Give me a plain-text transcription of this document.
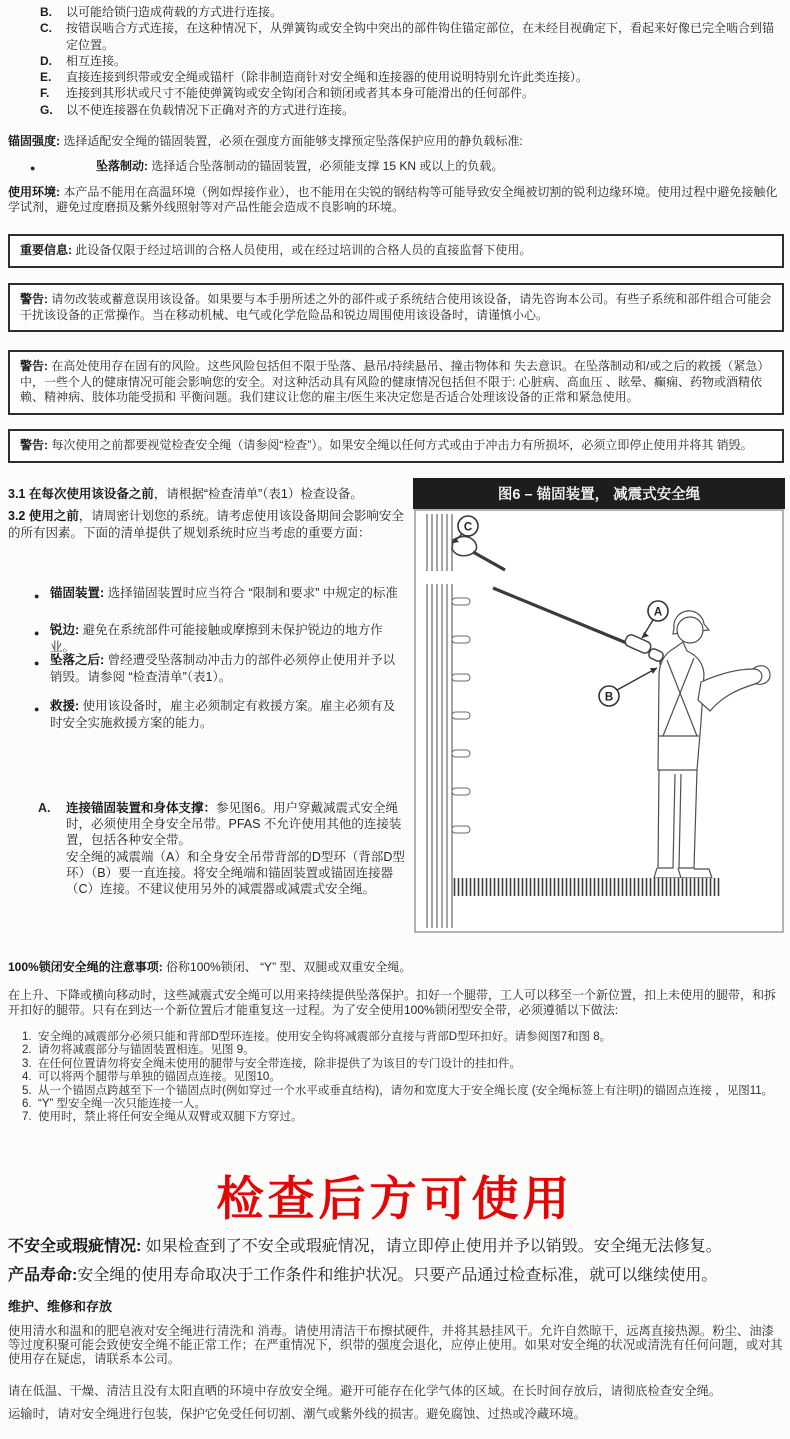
B.	以可能给锁闩造成荷载的方式进行连接。
C.	按错误啮合方式连接，在这种情况下，从弹簧钩或安全钩中突出的部件钩住锚定部位，在未经目视确定下，看起来好像已完全啮合到锚定位置。
D.	相互连接。
E.	直接连接到织带或安全绳或锚杆（除非制造商针对安全绳和连接器的使用说明特别允许此类连接）。
F.	连接到其形状或尺寸不能使弹簧钩或安全钩闭合和锁闭或者其本身可能滑出的任何部件。
G.	以不使连接器在负载情况下正确对齐的方式进行连接。
锚固强度: 选择适配安全绳的锚固装置，必须在强度方面能够支撑预定坠落保护应用的静负载标准:
●	坠落制动: 选择适合坠落制动的锚固装置，必须能支撑 15 KN 或以上的负载。
使用环境: 本产品不能用在高温环境（例如焊接作业），也不能用在尖锐的钢结构等可能导致安全绳被切割的锐利边缘环境。使用过程中避免接触化学试剂，避免过度磨损及紫外线照射等对产品性能会造成不良影响的环境。
重要信息: 此设备仅限于经过培训的合格人员使用，或在经过培训的合格人员的直接监督下使用。
警告: 请勿改装或蓄意误用该设备。如果要与本手册所述之外的部件或子系统结合使用该设备，请先咨询本公司。有些子系统和部件组合可能会干扰该设备的正常操作。当在移动机械、电气或化学危险品和锐边周围使用该设备时，请谨慎小心。
警告: 在高处使用存在固有的风险。这些风险包括但不限于坠落、悬吊/持续悬吊、撞击物体和 失去意识。在坠落制动和/或之后的救援（紧急）中，一些个人的健康情况可能会影响您的安全。对这种活动具有风险的健康情况包括但不限于: 心脏病、高血压 、眩晕、癫痫、药物或酒精依赖、精神病、肢体功能受损和 平衡问题。我们建议让您的雇主/医生来决定您是否适合处理该设备的正常和紧急使用。
警告: 每次使用之前都要视觉检查安全绳（请参阅“检查”）。如果安全绳以任何方式或由于冲击力有所损坏，必须立即停止使用并将其 销毁。
3.1 在每次使用该设备之前，请根据“检查清单”（表1）检查设备。
3.2 使用之前，请周密计划您的系统。请考虑使用该设备期间会影响安全的所有因素。下面的清单提供了规划系统时应当考虑的重要方面：
● 锚固装置: 选择锚固装置时应当符合 “限制和要求” 中规定的标准
● 锐边: 避免在系统部件可能接触或摩擦到未保护锐边的地方作业。
● 坠落之后: 曾经遭受坠落制动冲击力的部件必须停止使用并予以销毁。请参阅 “检查清单”（表1）。
● 救援: 使用该设备时，雇主必须制定有救援方案。雇主必须有及时安全实施救援方案的能力。
A.	连接锚固装置和身体支撑：参见图6。用户穿戴减震式安全绳时，必须使用全身安全吊带。PFAS 不允许使用其他的连接装置，包括各种安全带。
安全绳的减震端（A）和全身安全吊带背部的D型环（背部D型环）（B）要一直连接。将安全绳端和锚固装置或锚固连接器（C）连接。不建议使用另外的减震器或减震式安全绳。
图6 – 锚固装置， 减震式安全绳
C
A
B
100%锁闭安全绳的注意事项: 俗称100%锁闭、 “Y” 型、双腿或双重安全绳。
在上升、下降或横向移动时，这些减震式安全绳可以用来持续提供坠落保护。扣好一个腿带，工人可以移至一个新位置，扣上未使用的腿带，和拆开扣好的腿带。只有在到达一个新位置后才能重复这一过程。为了安全使用100%锁闭型安全带，必须遵循以下做法:
1. 安全绳的减震部分必须只能和背部D型环连接。使用安全钩将减震部分直接与背部D型环扣好。请参阅图7和图 8。
2. 请勿将减震部分与锚固装置相连。见图 9。
3. 在任何位置请勿将安全绳未使用的腿带与安全带连接，除非提供了为该目的专门设计的挂扣件。
4. 可以将两个腿带与单独的锚固点连接。见图10。
5. 从一个锚固点跨越至下一个锚固点时(例如穿过一个水平或垂直结构)，请勿和宽度大于安全绳长度 (安全绳标签上有注明)的锚固点连接 ，见图11。
6. “Y” 型安全绳一次只能连接一人。
7. 使用时，禁止将任何安全绳从双臂或双腿下方穿过。
检查后方可使用
不安全或瑕疵情况: 如果检查到了不安全或瑕疵情况，请立即停止使用并予以销毁。安全绳无法修复。
产品寿命:安全绳的使用寿命取决于工作条件和维护状况。只要产品通过检查标准，就可以继续使用。
维护、维修和存放
使用清水和温和的肥皂液对安全绳进行清洗和 消毒。请使用清洁干布擦拭硬件，并将其悬挂风干。允许自然晾干，远离直接热源。粉尘、油漆等过度积聚可能会致使安全绳不能正常工作；在严重情况下，织带的强度会退化，应停止使用。如果对安全绳的状况或清洗有任何问题，或对其使用存在疑虑，请联系本公司。
请在低温、干燥、清洁且没有太阳直晒的环境中存放安全绳。避开可能存在化学气体的区域。在长时间存放后，请彻底检查安全绳。
运输时，请对安全绳进行包装，保护它免受任何切割、潮气或紫外线的损害。避免腐蚀、过热或冷藏环境。
